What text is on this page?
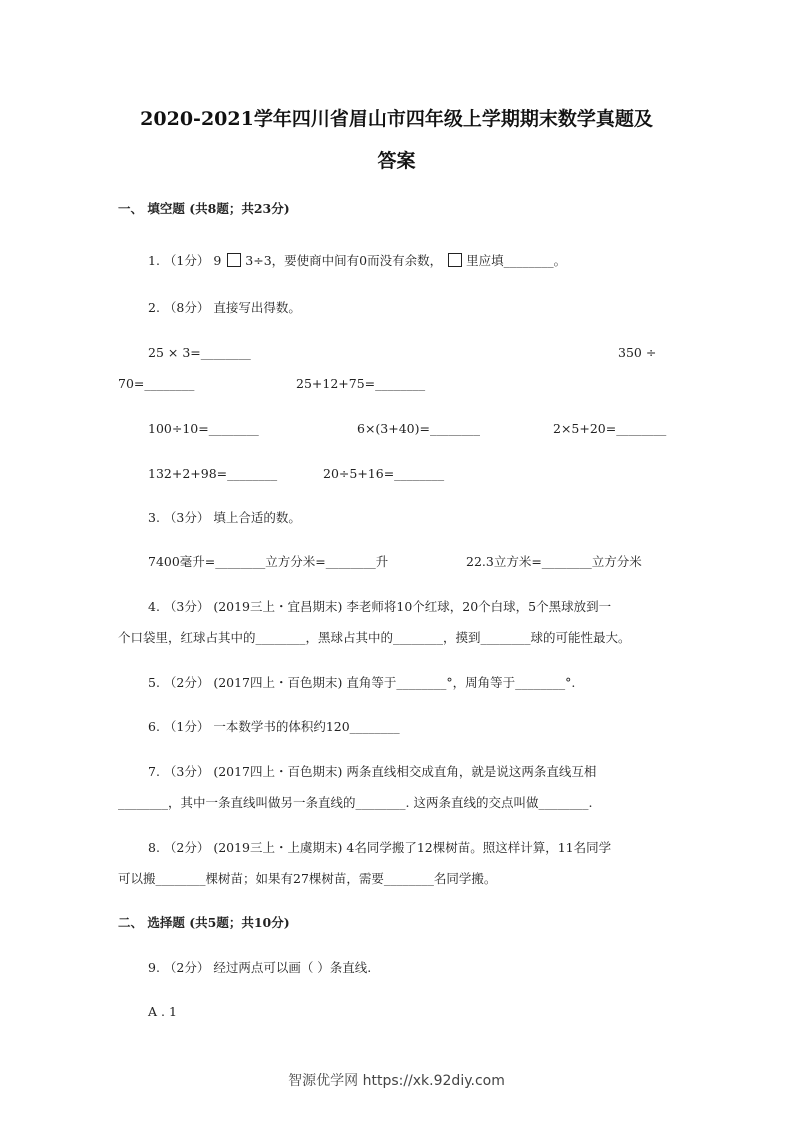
2020-2021学年四川省眉山市四年级上学期期末数学真题及
答案
一、 填空题 (共8题；共23分)
1. （1分） 9 3÷3，要使商中间有0而没有余数， 里应填________。
2. （8分） 直接写出得数。
25 × 3=________	350 ÷
70=________	25+12+75=________
100÷10=________	6×(3+40)=________	2×5+20=________
132+2+98=________	20÷5+16=________
3. （3分） 填上合适的数。
7400毫升=________立方分米=________升	22.3立方米=________立方分米
4. （3分） (2019三上・宜昌期末) 李老师将10个红球，20个白球，5个黑球放到一
个口袋里，红球占其中的________，黑球占其中的________，摸到________球的可能性最大。
5. （2分） (2017四上・百色期末) 直角等于________°，周角等于________°.
6. （1分） 一本数学书的体积约120________
7. （3分） (2017四上・百色期末) 两条直线相交成直角，就是说这两条直线互相
________，其中一条直线叫做另一条直线的________. 这两条直线的交点叫做________.
8. （2分） (2019三上・上虞期末) 4名同学搬了12棵树苗。照这样计算，11名同学
可以搬________棵树苗；如果有27棵树苗，需要________名同学搬。
二、 选择题 (共5题；共10分)
9. （2分） 经过两点可以画（ ）条直线.
A . 1
智源优学网 https://xk.92diy.com
